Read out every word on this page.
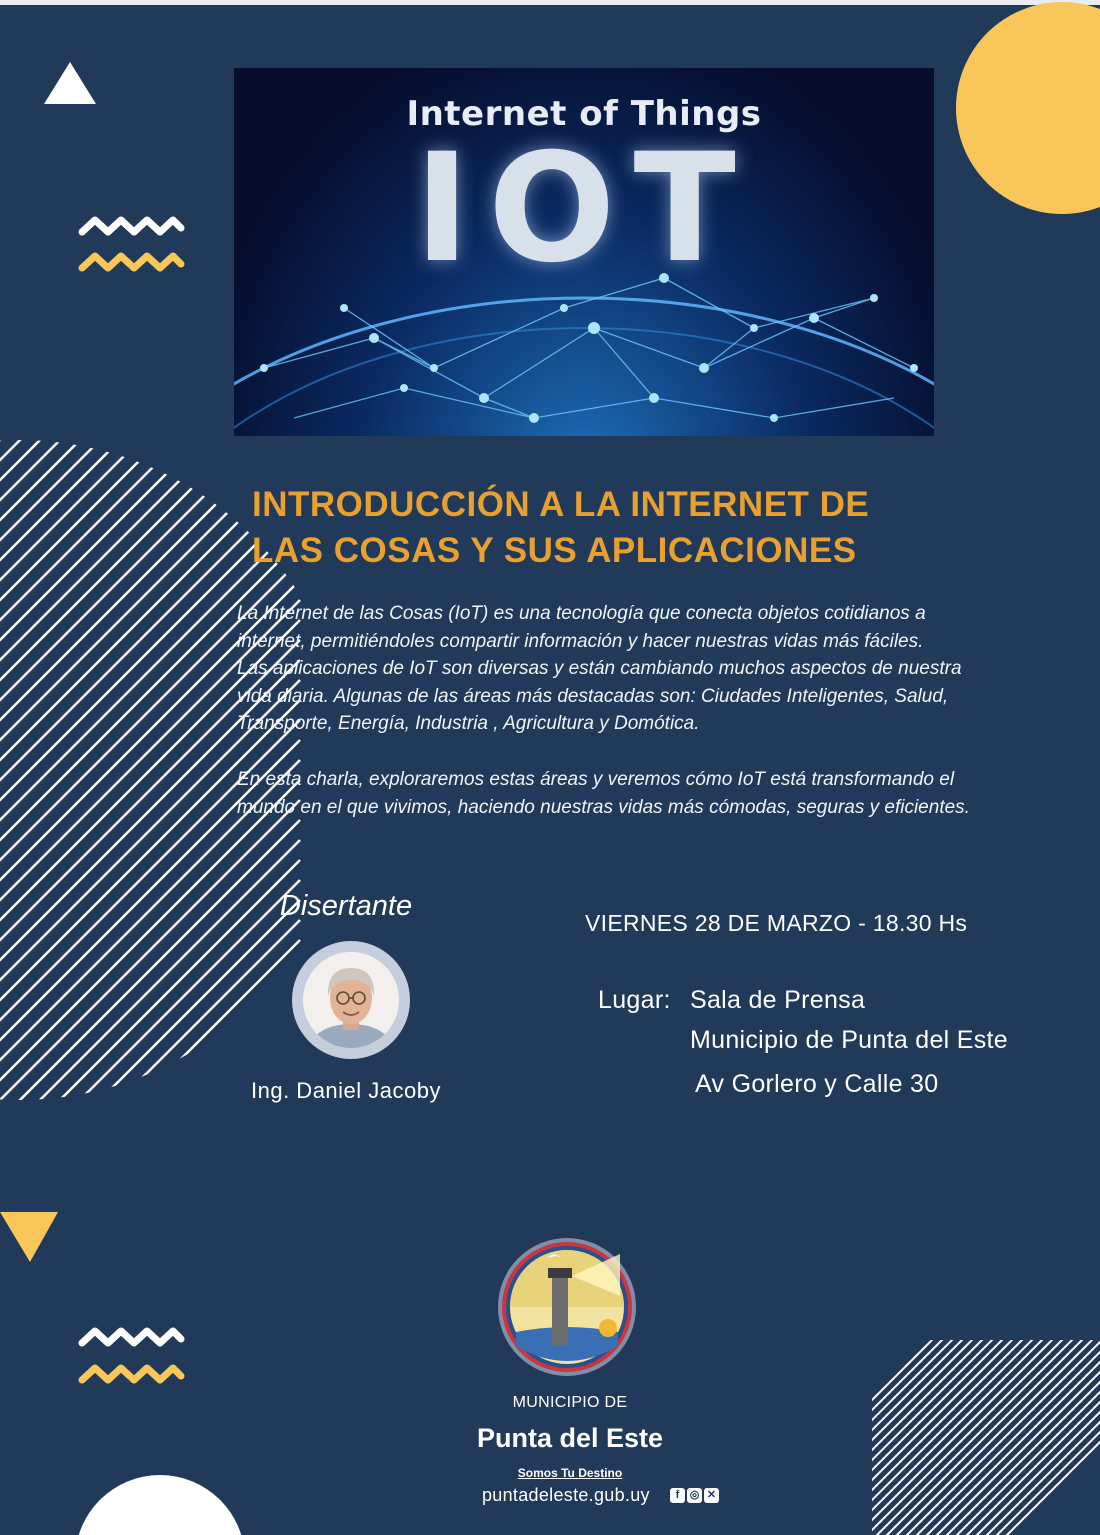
Internet of Things
IOT
INTRODUCCIÓN A LA INTERNET DE
LAS COSAS Y SUS APLICACIONES
La Internet de las Cosas (IoT) es una tecnología que conecta objetos cotidianos a
internet, permitiéndoles compartir información y hacer nuestras vidas más fáciles.
Las aplicaciones de IoT son diversas y están cambiando muchos aspectos de nuestra
vida diaria. Algunas de las áreas más destacadas son: Ciudades Inteligentes, Salud,
Transporte, Energía, Industria , Agricultura y Domótica.
En esta charla, exploraremos estas áreas y veremos cómo IoT está transformando el
mundo en el que vivimos, haciendo nuestras vidas más cómodas, seguras y eficientes.
Disertante
Ing. Daniel Jacoby
VIERNES 28 DE MARZO - 18.30 Hs
Lugar: Sala de Prensa
Municipio de Punta del Este
Av Gorlero y Calle 30
MUNICIPIO DE
Punta del Este
Somos Tu Destino
puntadeleste.gub.uy	f ◎ ✕
